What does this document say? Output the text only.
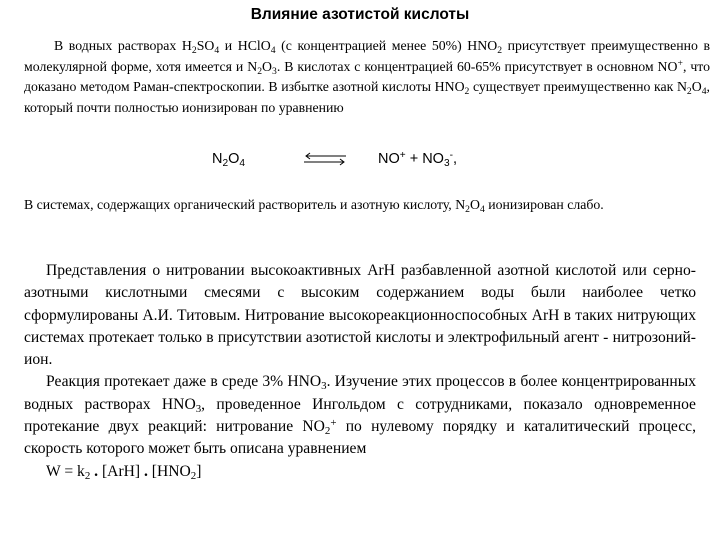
Влияние азотистой кислоты
В водных растворах $H_2SO_4$ и HClO$_4$ (с концентрацией менее 50%) $HNO_2$ присутствует преимущественно в молекулярной форме, хотя имеется и $N_2O_3$. В кислотах с концентрацией 60-65% присутствует в основном NO+, что доказано методом Раман-спектроскопии. В избытке азотной кислоты $HNO_2$ существует преимущественно как $N_2O_4$, который почти полностью ионизирован по уравнению
$N_2O_4$	$NO^+ + NO_3^-$,
В системах, содержащих органический растворитель и азотную кислоту, $N_2O_4$ ионизирован слабо.
Представления о нитровании высокоактивных ArH разбавленной азотной кислотой или серно-азотными кислотными смесями с высоким содержанием воды были наиболее четко сформулированы А.И. Титовым. Нитрование высокореакционноспособных ArH в таких нитрующих системах протекает только в присутствии азотистой кислоты и электрофильный агент - нитрозоний-ион.
Реакция протекает даже в среде 3% $HNO_3$. Изучение этих процессов в более концентрированных водных растворах $HNO_3$, проведенное Ингольдом с сотрудниками, показало одновременное протекание двух реакций: нитрование $NO_2^+$ по нулевому порядку и каталитический процесс, скорость которого может быть описана уравнением
$W = k_2$ . [ArH] . $[HNO_2]$
